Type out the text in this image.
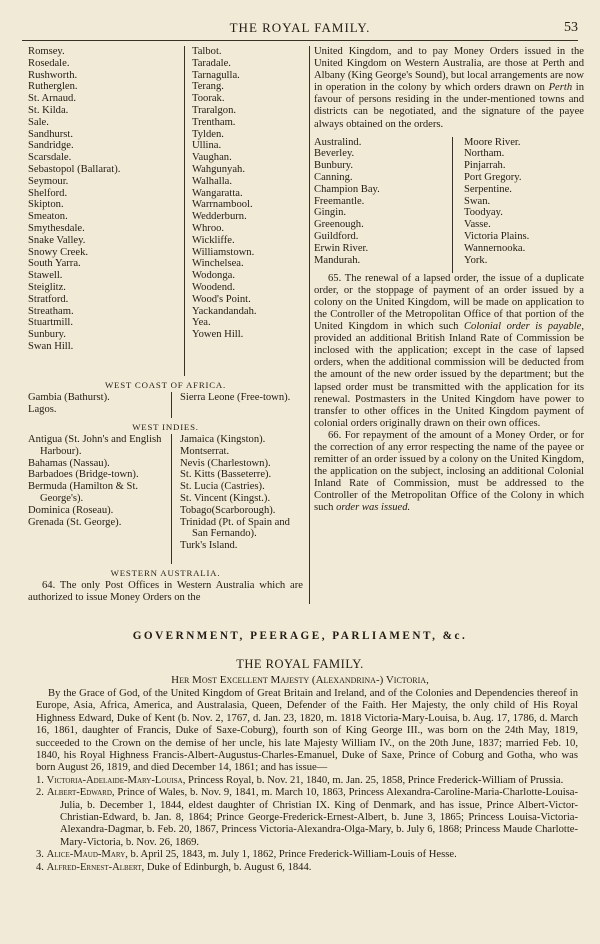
THE ROYAL FAMILY.	53
Romsey.
Rosedale.
Rushworth.
Rutherglen.
St. Arnaud.
St. Kilda.
Sale.
Sandhurst.
Sandridge.
Scarsdale.
Sebastopol (Ballarat).
Seymour.
Shelford.
Skipton.
Smeaton.
Smythesdale.
Snake Valley.
Snowy Creek.
South Yarra.
Stawell.
Steiglitz.
Stratford.
Streatham.
Stuartmill.
Sunbury.
Swan Hill.
Talbot.
Taradale.
Tarnagulla.
Terang.
Toorak.
Traralgon.
Trentham.
Tylden.
Ullina.
Vaughan.
Wahgunyah.
Walhalla.
Wangaratta.
Warrnambool.
Wedderburn.
Whroo.
Wickliffe.
Williamstown.
Winchelsea.
Wodonga.
Woodend.
Wood's Point.
Yackandandah.
Yea.
Yowen Hill.
WEST COAST OF AFRICA.
Gambia (Bathurst).
Lagos.
Sierra Leone (Free-town).
WEST INDIES.
Antigua (St. John's and English Harbour).
Bahamas (Nassau).
Barbadoes (Bridge-town).
Bermuda (Hamilton & St. George's).
Dominica (Roseau).
Grenada (St. George).
Jamaica (Kingston).
Montserrat.
Nevis (Charlestown).
St. Kitts (Basseterre).
St. Lucia (Castries).
St. Vincent (Kingst.).
Tobago(Scarborough).
Trinidad (Pt. of Spain and San Fernando).
Turk's Island.
WESTERN AUSTRALIA.

64. The only Post Offices in Western Australia which are authorized to issue Money Orders on the

United Kingdom, and to pay Money Orders issued in the United Kingdom on Western Australia, are those at Perth and Albany (King George's Sound), but local arrangements are now in operation in the colony by which orders drawn on Perth in favour of persons residing in the under-mentioned towns and districts can be negotiated, and the signature of the payee always obtained on the orders.

Australind.
Beverley.
Bunbury.
Canning.
Champion Bay.
Freemantle.
Gingin.
Greenough.
Guildford.
Erwin River.
Mandurah.
Moore River.
Northam.
Pinjarrah.
Port Gregory.
Serpentine.
Swan.
Toodyay.
Vasse.
Victoria Plains.
Wannernooka.
York.

65. The renewal of a lapsed order, the issue of a duplicate order, or the stoppage of payment of an order issued by a colony on the United Kingdom, will be made on application to the Controller of the Metropolitan Office of that portion of the United Kingdom in which such Colonial order is payable, provided an additional British Inland Rate of Commission be inclosed with the application; except in the case of lapsed orders, when the additional commission will be deducted from the amount of the new order issued by the department; but the lapsed order must be transmitted with the application for its renewal. Postmasters in the United Kingdom have power to transfer to other offices in the United Kingdom payment of colonial orders originally drawn on their own offices.

66. For repayment of the amount of a Money Order, or for the correction of any error respecting the name of the payee or remitter of an order issued by a colony on the United Kingdom, the application on the subject, inclosing an additional Colonial Inland Rate of Commission, must be addressed to the Controller of the Metropolitan Office of the Colony in which such order was issued.

GOVERNMENT, PEERAGE, PARLIAMENT, &c.
THE ROYAL FAMILY.
Her Most Excellent Majesty (Alexandrina-) Victoria,

By the Grace of God, of the United Kingdom of Great Britain and Ireland, and of the Colonies and Dependencies thereof in Europe, Asia, Africa, America, and Australasia, Queen, Defender of the Faith. Her Majesty, the only child of His Royal Highness Edward, Duke of Kent (b. Nov. 2, 1767, d. Jan. 23, 1820, m. 1818 Victoria-Mary-Louisa, b. Aug. 17, 1786, d. March 16, 1861, daughter of Francis, Duke of Saxe-Coburg), fourth son of King George III., was born on the 24th May, 1819, succeeded to the Crown on the demise of her uncle, his late Majesty William IV., on the 20th June, 1837; married Feb. 10, 1840, his Royal Highness Francis-Albert-Augustus-Charles-Emanuel, Duke of Saxe, Prince of Coburg and Gotha, who was born August 26, 1819, and died December 14, 1861; and has issue—

1. Victoria-Adelaide-Mary-Louisa, Princess Royal, b. Nov. 21, 1840, m. Jan. 25, 1858, Prince Frederick-William of Prussia.

2. Albert-Edward, Prince of Wales, b. Nov. 9, 1841, m. March 10, 1863, Princess Alexandra-Caroline-Maria-Charlotte-Louisa-Julia, b. December 1, 1844, eldest daughter of Christian IX. King of Denmark, and has issue, Prince Albert-Victor-Christian-Edward, b. Jan. 8, 1864; Prince George-Frederick-Ernest-Albert, b. June 3, 1865; Princess Louisa-Victoria-Alexandra-Dagmar, b. Feb. 20, 1867, Princess Victoria-Alexandra-Olga-Mary, b. July 6, 1868; Princess Maude Charlotte-Mary-Victoria, b. Nov. 26, 1869.

3. Alice-Maud-Mary, b. April 25, 1843, m. July 1, 1862, Prince Frederick-William-Louis of Hesse.

4. Alfred-Ernest-Albert, Duke of Edinburgh, b. August 6, 1844.
